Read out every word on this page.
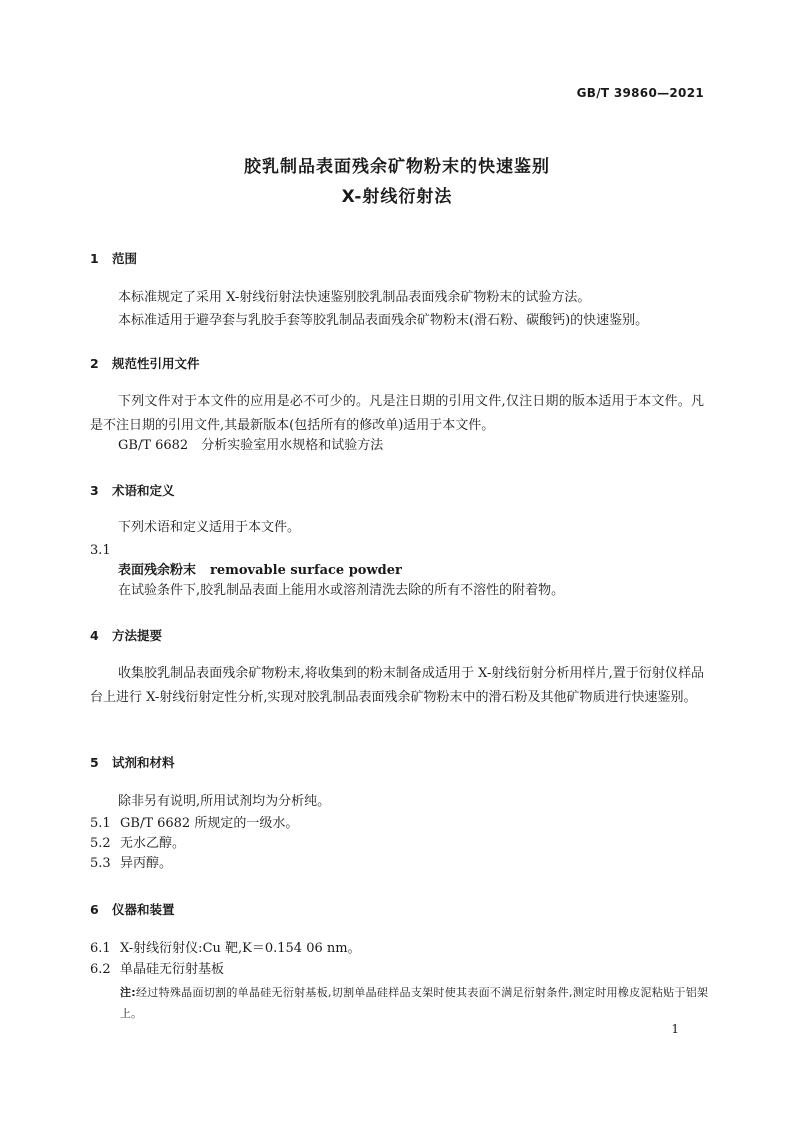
GB/T 39860—2021
胶乳制品表面残余矿物粉末的快速鉴别
X-射线衍射法
1 范围
本标准规定了采用 X-射线衍射法快速鉴别胶乳制品表面残余矿物粉末的试验方法。
本标准适用于避孕套与乳胶手套等胶乳制品表面残余矿物粉末(滑石粉、碳酸钙)的快速鉴别。
2 规范性引用文件
下列文件对于本文件的应用是必不可少的。凡是注日期的引用文件,仅注日期的版本适用于本文件。凡是不注日期的引用文件,其最新版本(包括所有的修改单)适用于本文件。
GB/T 6682　分析实验室用水规格和试验方法
3 术语和定义
下列术语和定义适用于本文件。
3.1
表面残余粉末 removable surface powder
在试验条件下,胶乳制品表面上能用水或溶剂清洗去除的所有不溶性的附着物。
4 方法提要
收集胶乳制品表面残余矿物粉末,将收集到的粉末制备成适用于 X-射线衍射分析用样片,置于衍射仪样品台上进行 X-射线衍射定性分析,实现对胶乳制品表面残余矿物粉末中的滑石粉及其他矿物质进行快速鉴别。
5 试剂和材料
除非另有说明,所用试剂均为分析纯。
5.1 GB/T 6682 所规定的一级水。
5.2 无水乙醇。
5.3 异丙醇。
6 仪器和装置
6.1 X-射线衍射仪:Cu 靶,K＝0.154 06 nm。
6.2 单晶硅无衍射基板
注:经过特殊晶面切割的单晶硅无衍射基板,切割单晶硅样品支架时使其表面不满足衍射条件,测定时用橡皮泥粘贴于铝架上。
1
